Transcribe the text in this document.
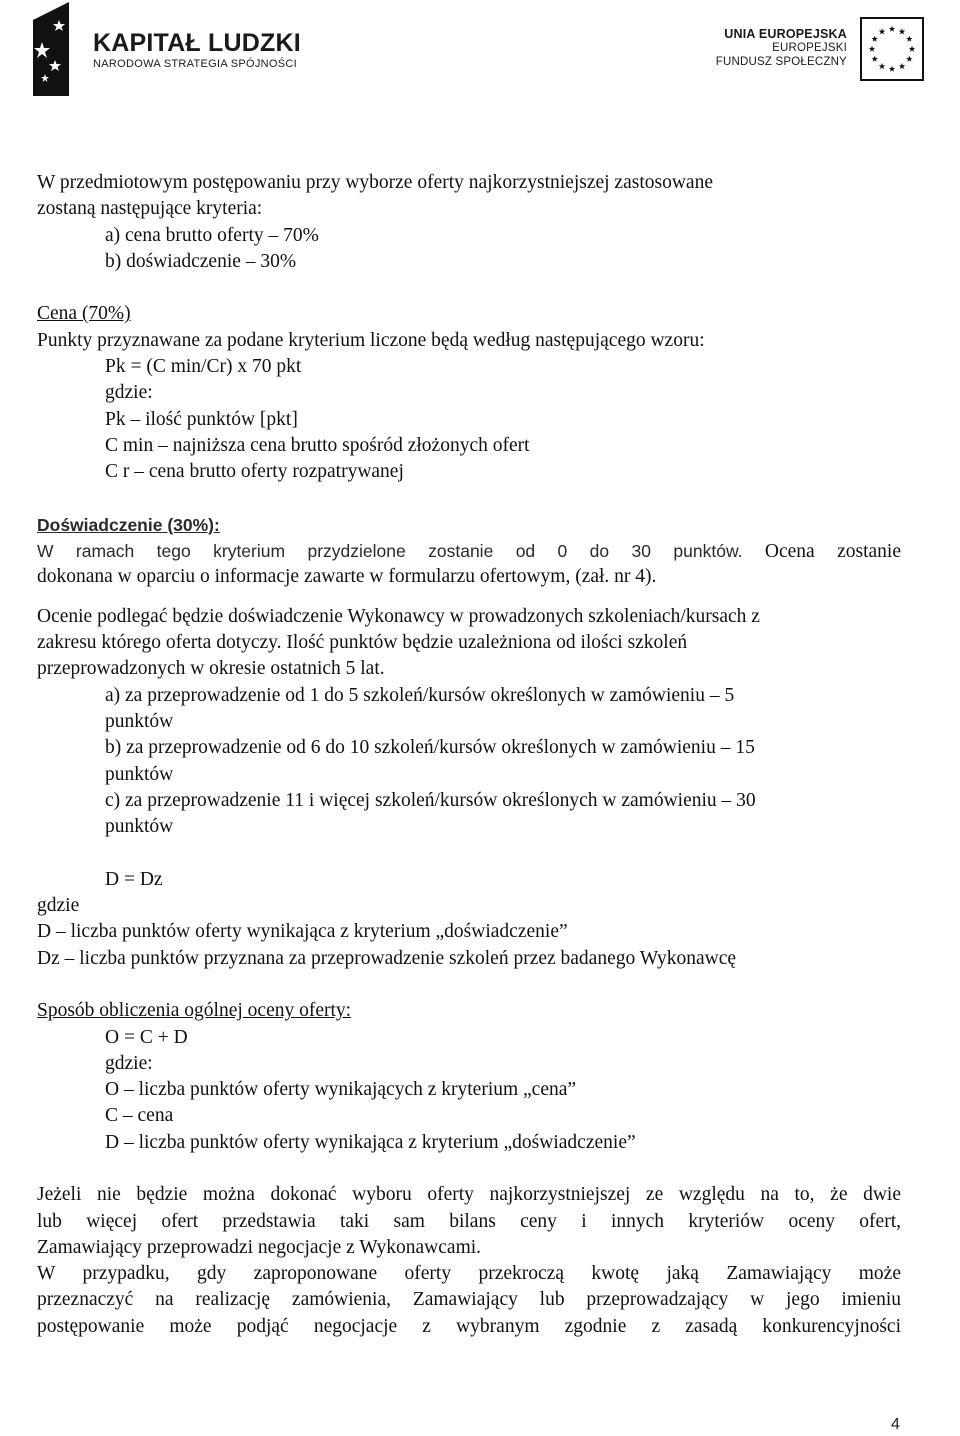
KAPITAŁ LUDZKI
NARODOWA STRATEGIA SPÓJNOŚCI
UNIA EUROPEJSKA
EUROPEJSKI
FUNDUSZ SPOŁECZNY
W przedmiotowym postępowaniu przy wyborze oferty najkorzystniejszej zastosowane
zostaną następujące kryteria:
a) cena brutto oferty – 70%
b) doświadczenie – 30%
Cena (70%)
Punkty przyznawane za podane kryterium liczone będą według następującego wzoru:
Pk = (C min/Cr) x 70 pkt
gdzie:
Pk – ilość punktów [pkt]
C min – najniższa cena brutto spośród złożonych ofert
C r – cena brutto oferty rozpatrywanej
Doświadczenie (30%):
W ramach tego kryterium przydzielone zostanie od 0 do 30 punktów. Ocena zostanie
dokonana w oparciu o informacje zawarte w formularzu ofertowym, (zał. nr 4).
Ocenie podlegać będzie doświadczenie Wykonawcy w prowadzonych szkoleniach/kursach z
zakresu którego oferta dotyczy. Ilość punktów będzie uzależniona od ilości szkoleń
przeprowadzonych w okresie ostatnich 5 lat.
a) za przeprowadzenie od 1 do 5 szkoleń/kursów określonych w zamówieniu – 5
punktów
b) za przeprowadzenie od 6 do 10 szkoleń/kursów określonych w zamówieniu – 15
punktów
c) za przeprowadzenie 11 i więcej szkoleń/kursów określonych w zamówieniu – 30
punktów
D = Dz
gdzie
D – liczba punktów oferty wynikająca z kryterium „doświadczenie”
Dz – liczba punktów przyznana za przeprowadzenie szkoleń przez badanego Wykonawcę
Sposób obliczenia ogólnej oceny oferty:
O = C + D
gdzie:
O – liczba punktów oferty wynikających z kryterium „cena”
C – cena
D – liczba punktów oferty wynikająca z kryterium „doświadczenie”
Jeżeli nie będzie można dokonać wyboru oferty najkorzystniejszej ze względu na to, że dwie
lub więcej ofert przedstawia taki sam bilans ceny i innych kryteriów oceny ofert,
Zamawiający przeprowadzi negocjacje z Wykonawcami.
W przypadku, gdy zaproponowane oferty przekroczą kwotę jaką Zamawiający może
przeznaczyć na realizację zamówienia, Zamawiający lub przeprowadzający w jego imieniu
postępowanie może podjąć negocjacje z wybranym zgodnie z zasadą konkurencyjności
4
